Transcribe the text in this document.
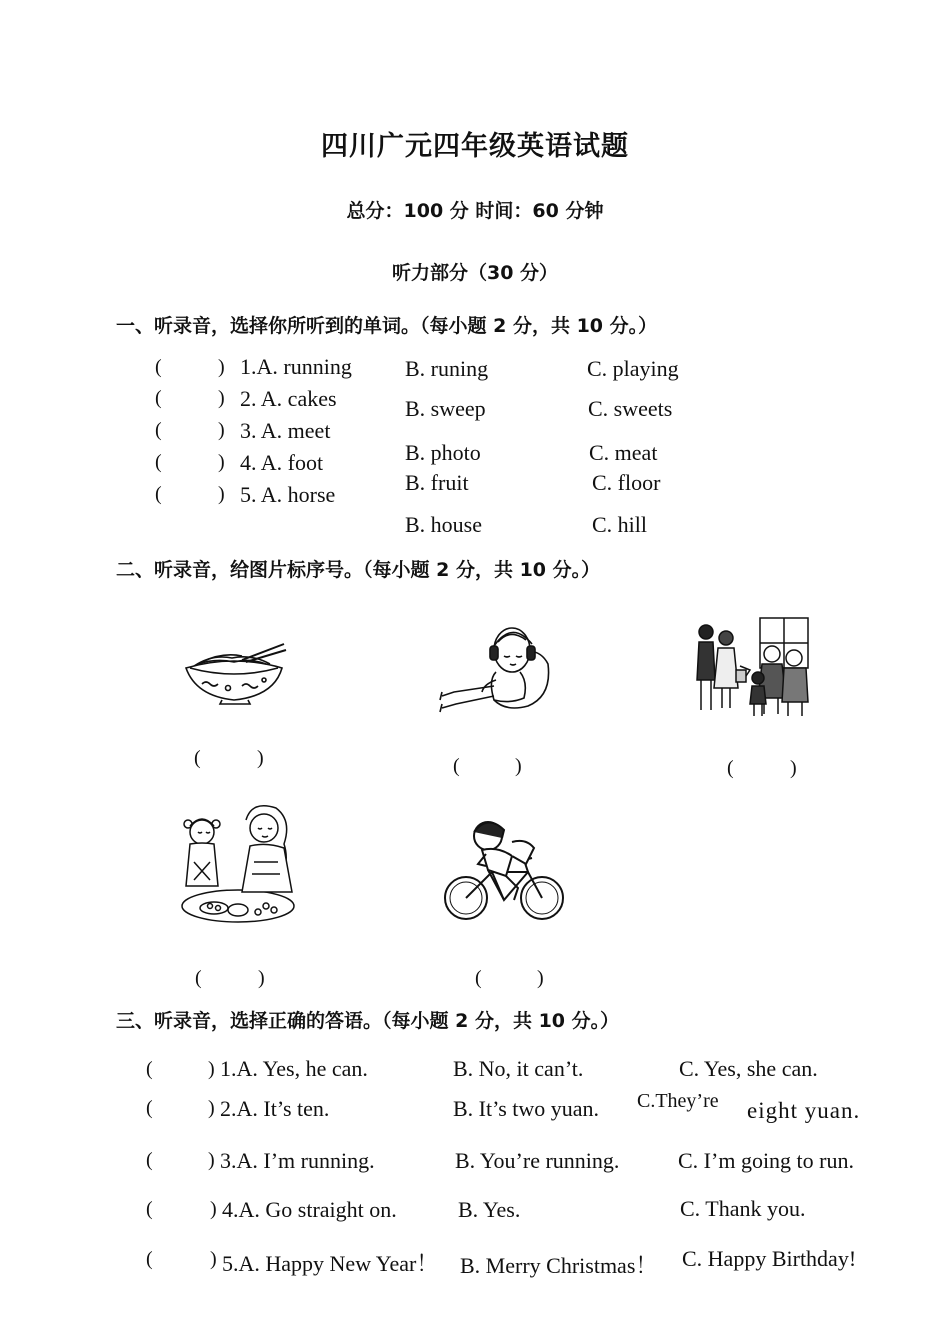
四川广元四年级英语试题
总分：100 分 时间：60 分钟
听力部分（30 分）
一、听录音，选择你所听到的单词。（每小题 2 分，共 10 分。）
(	) 1.A. running B. runing	C. playing
(	) 2. A. cakes	B. sweep	C. sweets
(	) 3. A. meet
B. photo	C. meat
(	) 4. A. foot
B. fruit	C. floor
(	) 5. A. horse
B. house	C. hill
二、听录音，给图片标序号。（每小题 2 分，共 10 分。）
(	)	(	)	(	)
(	)	(	)
三、听录音，选择正确的答语。（每小题 2 分，共 10 分。）
(	) 1.A. Yes, he can.	B. No, it can’t.	C. Yes, she can.
(	) 2.A. It’s ten.	B. It’s two yuan. C.They’re eight yuan.
(	) 3.A. I’m running.	B. You’re running.	C. I’m going to run.
(	) 4.A. Go straight on.	B. Yes.	C. Thank you.
(	) 5.A. Happy New Year！ B. Merry Christmas！ C. Happy Birthday!
